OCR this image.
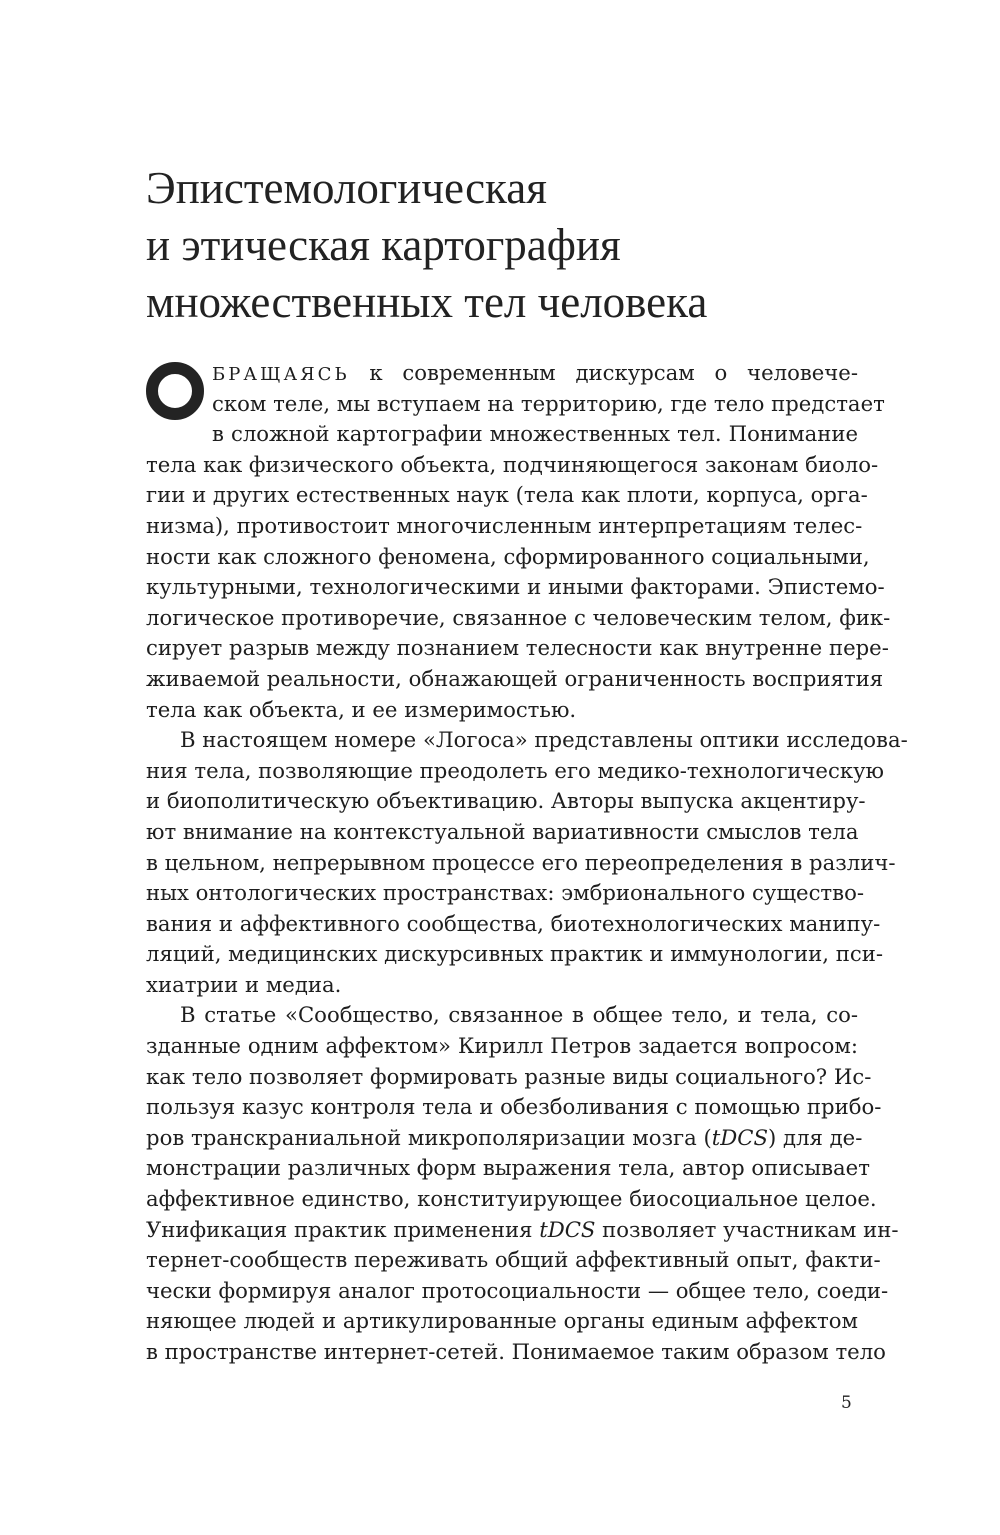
Эпистемологическая
и этическая картография
множественных тел человека
БРАЩАЯСЬ к современным дискурсам о человече-
ском теле, мы вступаем на территорию, где тело предстает
в сложной картографии множественных тел. Понимание
тела как физического объекта, подчиняющегося законам биоло-
гии и других естественных наук (тела как плоти, корпуса, орга-
низма), противостоит многочисленным интерпретациям телес-
ности как сложного феномена, сформированного социальными,
культурными, технологическими и иными факторами. Эпистемо-
логическое противоречие, связанное с человеческим телом, фик-
сирует разрыв между познанием телесности как внутренне пере-
живаемой реальности, обнажающей ограниченность восприятия
тела как объекта, и ее измеримостью.
В настоящем номере «Логоса» представлены оптики исследова-
ния тела, позволяющие преодолеть его медико-технологическую
и биополитическую объективацию. Авторы выпуска акцентиру-
ют внимание на контекстуальной вариативности смыслов тела
в цельном, непрерывном процессе его переопределения в различ-
ных онтологических пространствах: эмбрионального существо-
вания и аффективного сообщества, биотехнологических манипу-
ляций, медицинских дискурсивных практик и иммунологии, пси-
хиатрии и медиа.
В статье «Сообщество, связанное в общее тело, и тела, со-
зданные одним аффектом» Кирилл Петров задается вопросом:
как тело позволяет формировать разные виды социального? Ис-
пользуя казус контроля тела и обезболивания с помощью прибо-
ров транскраниальной микрополяризации мозга (tDCS) для де-
монстрации различных форм выражения тела, автор описывает
аффективное единство, конституирующее биосоциальное целое.
Унификация практик применения tDCS позволяет участникам ин-
тернет-сообществ переживать общий аффективный опыт, факти-
чески формируя аналог протосоциальности — общее тело, соеди-
няющее людей и артикулированные органы единым аффектом
в пространстве интернет-сетей. Понимаемое таким образом тело
5
